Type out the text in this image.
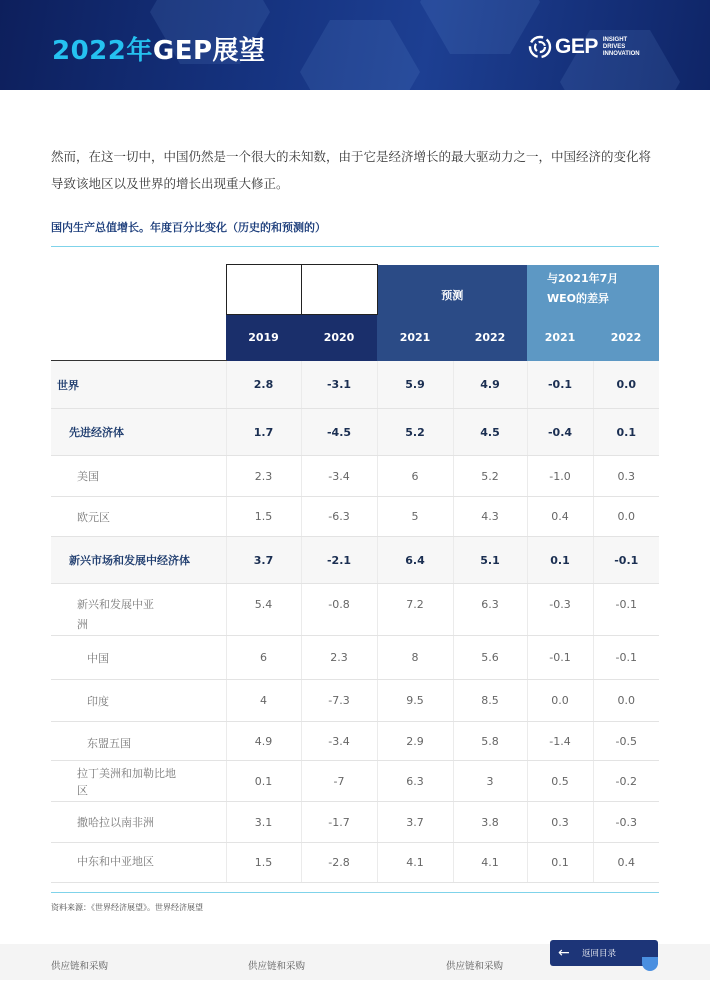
2022年GEP展望	GEP INSIGHT
DRIVES
INNOVATION
然而，在这一切中，中国仍然是一个很大的未知数，由于它是经济增长的最大驱动力之一，中国经济的变化将导致该地区以及世界的增长出现重大修正。
国内生产总值增长。年度百分比变化（历史的和预测的）
			预测		与2021年7月WEO的差异	
	2019	2020	2021	2022	2021	2022
世界	2.8	-3.1	5.9	4.9	-0.1	0.0
先进经济体	1.7	-4.5	5.2	4.5	-0.4	0.1
美国	2.3	-3.4	6	5.2	-1.0	0.3
欧元区	1.5	-6.3	5	4.3	0.4	0.0
新兴市场和发展中经济体	3.7	-2.1	6.4	5.1	0.1	-0.1
新兴和发展中亚洲	5.4	-0.8	7.2	6.3	-0.3	-0.1
中国	6	2.3	8	5.6	-0.1	-0.1
印度	4	-7.3	9.5	8.5	0.0	0.0
东盟五国	4.9	-3.4	2.9	5.8	-1.4	-0.5
拉丁美洲和加勒比地区	0.1	-7	6.3	3	0.5	-0.2
撒哈拉以南非洲	3.1	-1.7	3.7	3.8	0.3	-0.3
中东和中亚地区	1.5	-2.8	4.1	4.1	0.1	0.4
资料来源：《世界经济展望》。世界经济展望
供应链和采购	供应链和采购	供应链和采购
←	返回目录
